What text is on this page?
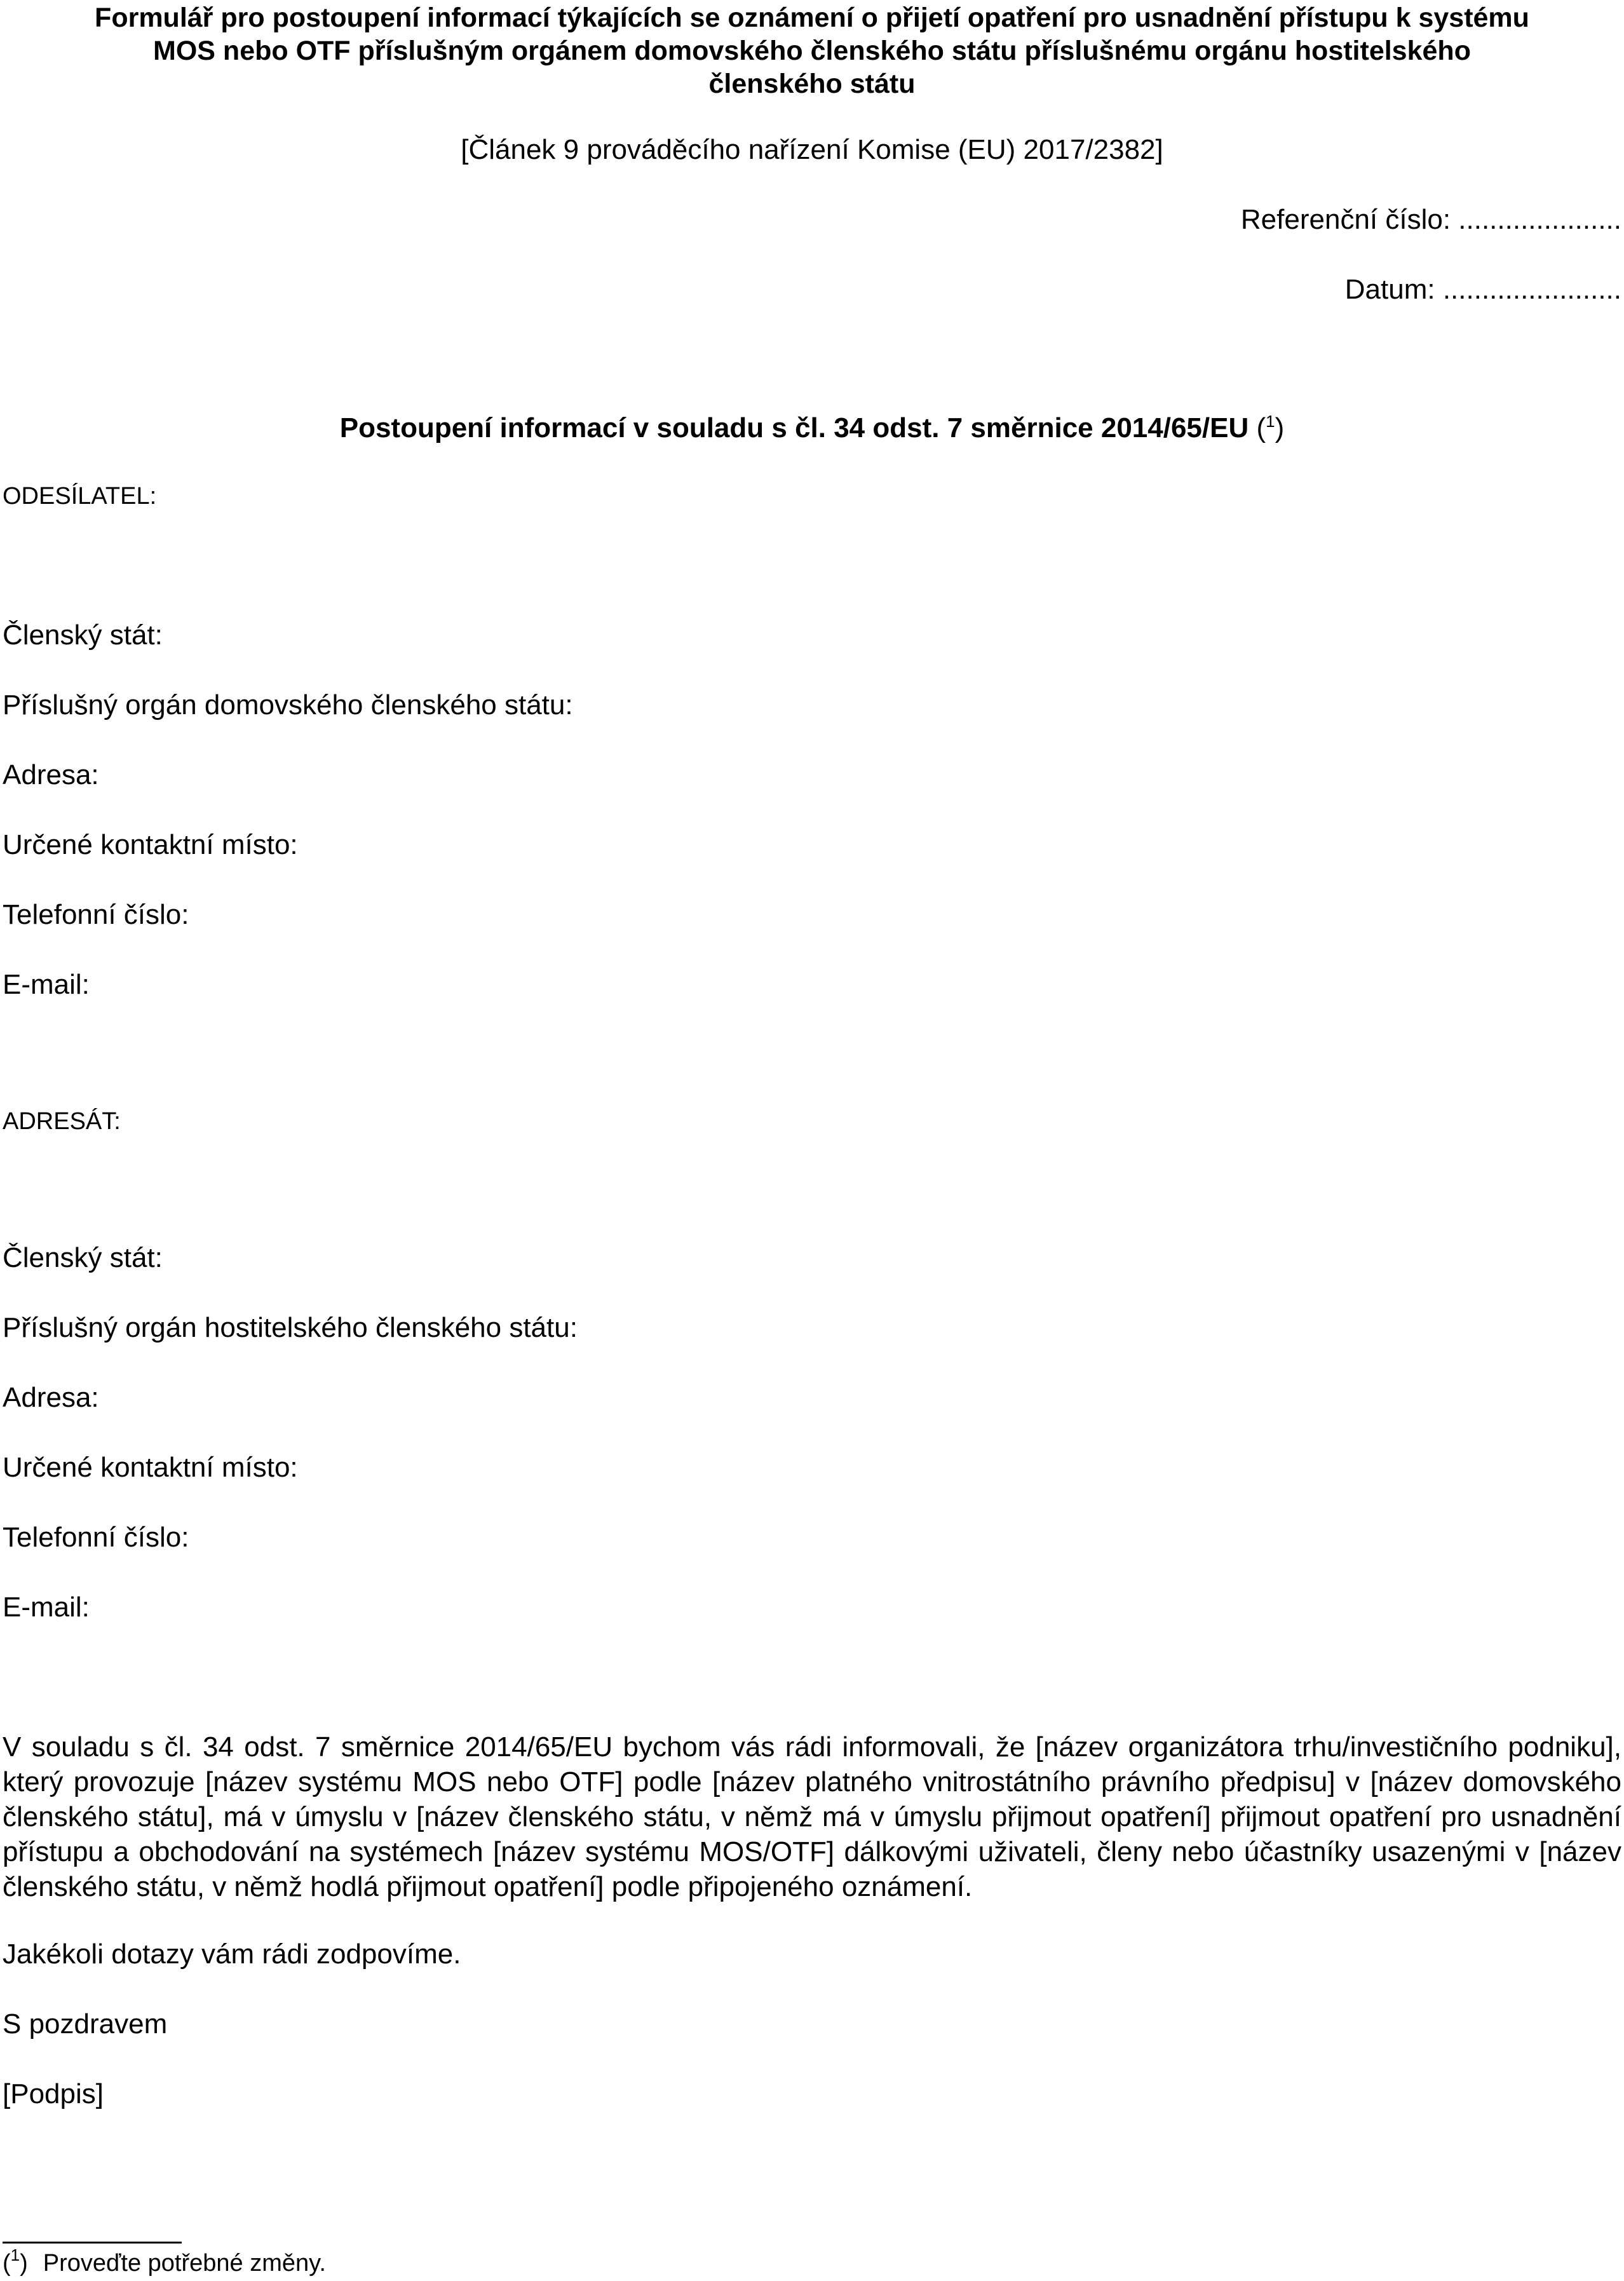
Formulář pro postoupení informací týkajících se oznámení o přijetí opatření pro usnadnění přístupu k systému
MOS nebo OTF příslušným orgánem domovského členského státu příslušnému orgánu hostitelského
členského státu
[Článek 9 prováděcího nařízení Komise (EU) 2017/2382]
Referenční číslo: .....................
Datum: .......................
Postoupení informací v souladu s čl. 34 odst. 7 směrnice 2014/65/EU ($^1$)
ODESÍLATEL:
Členský stát:
Příslušný orgán domovského členského státu:
Adresa:
Určené kontaktní místo:
Telefonní číslo:
E-mail:
ADRESÁT:
Členský stát:
Příslušný orgán hostitelského členského státu:
Adresa:
Určené kontaktní místo:
Telefonní číslo:
E-mail:
V souladu s čl. 34 odst. 7 směrnice 2014/65/EU bychom vás rádi informovali, že [název organizátora trhu/investičního podniku], který provozuje [název systému MOS nebo OTF] podle [název platného vnitrostátního právního předpisu] v [název domovského členského státu], má v úmyslu v [název členského státu, v němž má v úmyslu přijmout opatření] přijmout opatření pro usnadnění přístupu a obchodování na systémech [název systému MOS/OTF] dálkovými uživateli, členy nebo účastníky usazenými v [název členského státu, v němž hodlá přijmout opatření] podle připojeného oznámení.
Jakékoli dotazy vám rádi zodpovíme.
S pozdravem
[Podpis]
($^1$) Proveďte potřebné změny.
